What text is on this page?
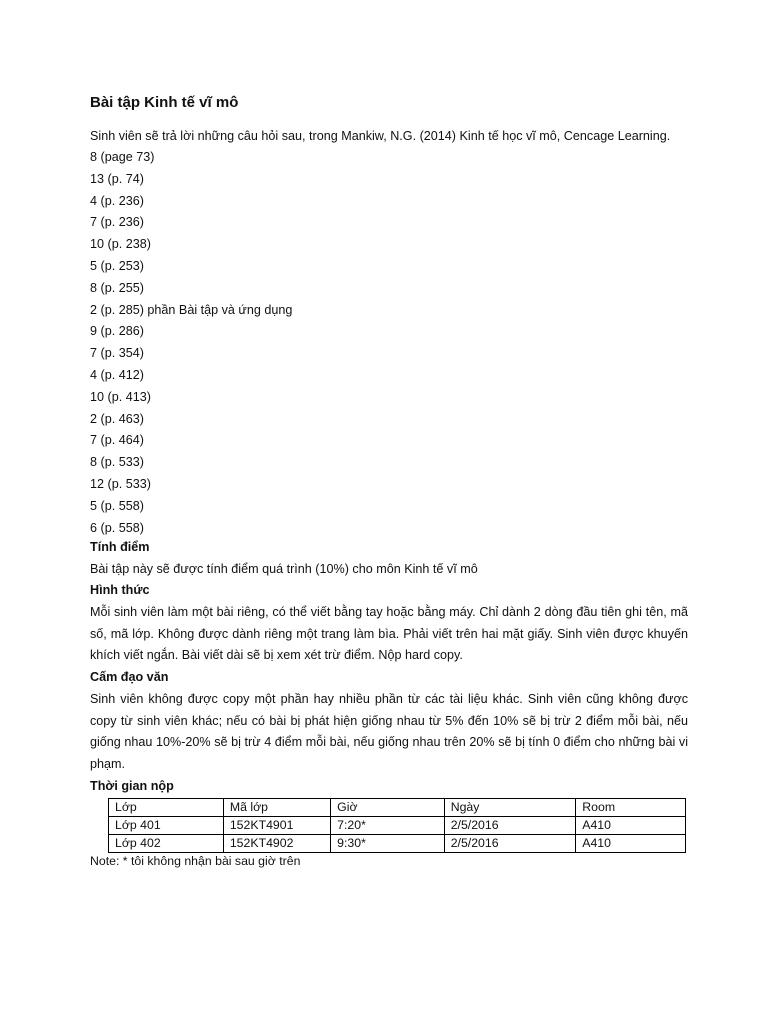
Bài tập Kinh tế vĩ mô
Sinh viên sẽ trả lời những câu hỏi sau, trong Mankiw, N.G. (2014) Kinh tế học vĩ mô, Cencage Learning.
8 (page 73)
13 (p. 74)
4 (p. 236)
7 (p. 236)
10 (p. 238)
5 (p. 253)
8 (p. 255)
2 (p. 285) phần Bài tập và ứng dụng
9 (p. 286)
7 (p. 354)
4 (p. 412)
10 (p. 413)
2 (p. 463)
7 (p. 464)
8 (p. 533)
12 (p. 533)
5 (p. 558)
6 (p. 558)
Tính điểm
Bài tập này sẽ được tính điểm quá trình (10%) cho môn Kinh tế vĩ mô
Hình thức
Mỗi sinh viên làm một bài riêng, có thể viết bằng tay hoặc bằng máy. Chỉ dành 2 dòng đầu tiên ghi tên, mã số, mã lớp. Không được dành riêng một trang làm bìa. Phải viết trên hai mặt giấy. Sinh viên được khuyến khích viết ngắn. Bài viết dài sẽ bị xem xét trừ điểm. Nộp hard copy.
Cấm đạo văn
Sinh viên không được copy một phần hay nhiều phần từ các tài liệu khác. Sinh viên cũng không được copy từ sinh viên khác; nếu có bài bị phát hiện giống nhau từ 5% đến 10% sẽ bị trừ 2 điểm mỗi bài, nếu giống nhau 10%-20% sẽ bị trừ 4 điểm mỗi bài, nếu giống nhau trên 20% sẽ bị tính 0 điểm cho những bài vi phạm.
Thời gian nộp
Lớp	Mã lớp	Giờ	Ngày	Room
Lớp 401	152KT4901	7:20*	2/5/2016	A410
Lớp 402	152KT4902	9:30*	2/5/2016	A410
Note: * tôi không nhận bài sau giờ trên
